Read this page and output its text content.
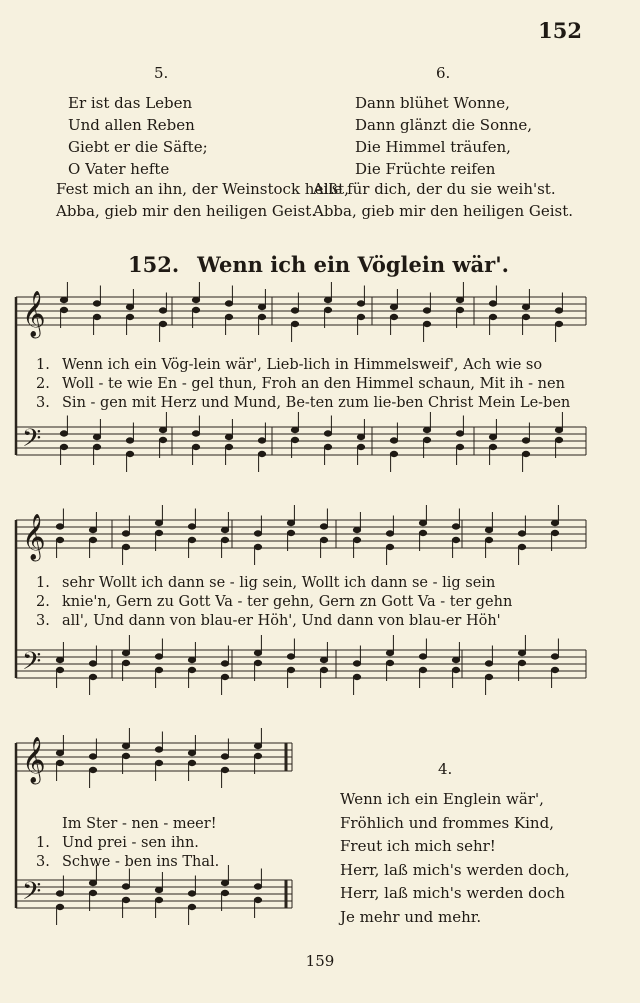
152
5.	6.
Er ist das Leben
Und allen Reben
Giebt er die Säfte;
O Vater hefte
Dann blühet Wonne,
Dann glänzt die Sonne,
Die Himmel träufen,
Die Früchte reifen
Fest mich an ihn, der Weinstock heißt,
Abba, gieb mir den heiligen Geist.
Alle für dich, der du sie weih'st.
Abba, gieb mir den heiligen Geist.
152. Wenn ich ein Vöglein wär'.
𝄞
𝄢
𝄞
𝄢
𝄞
𝄢
1. Wenn ich ein Vög-lein wär', Lieb-lich in Himmelsweif', Ach wie so
2. Woll - te wie En - gel thun, Froh an den Himmel schaun, Mit ih - nen
3. Sin - gen mit Herz und Mund, Be-ten zum lie-ben Christ Mein Le-ben
1. sehr Wollt ich dann se - lig sein, Wollt ich dann se - lig sein
2. knie'n, Gern zu Gott Va - ter gehn, Gern zn Gott Va - ter gehn
3. all', Und dann von blau-er Höh', Und dann von blau-er Höh'
Im Ster - nen - meer!
1. Und prei - sen ihn.
3. Schwe - ben ins Thal.
4.
Wenn ich ein Englein wär',
Fröhlich und frommes Kind,
Freut ich mich sehr!
Herr, laß mich's werden doch,
Herr, laß mich's werden doch
Je mehr und mehr.
159
